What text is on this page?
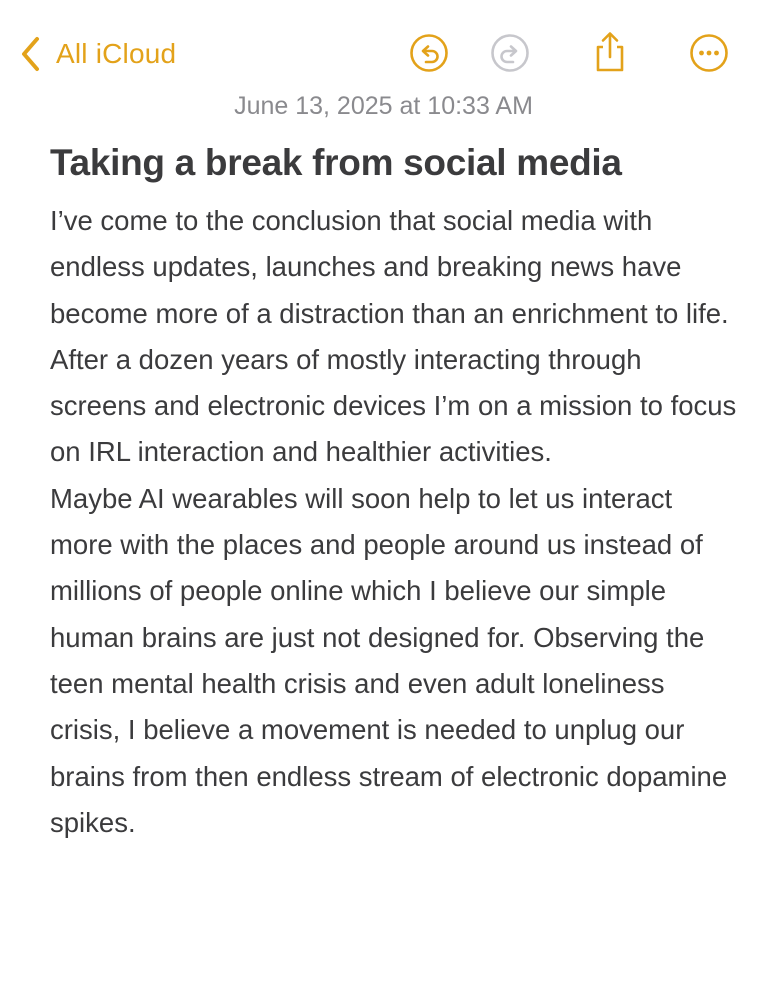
All iCloud
June 13, 2025 at 10:33 AM
Taking a break from social media

I’ve come to the conclusion that social media with endless updates, launches and breaking news have become more of a distraction than an enrichment to life.

After a dozen years of mostly interacting through screens and electronic devices I’m on a mission to focus on IRL interaction and healthier activities.

Maybe AI wearables will soon help to let us interact more with the places and people around us instead of millions of people online which I believe our simple human brains are just not designed for. Observing the teen mental health crisis and even adult loneliness crisis, I believe a movement is needed to unplug our brains from then endless stream of electronic dopamine spikes.
